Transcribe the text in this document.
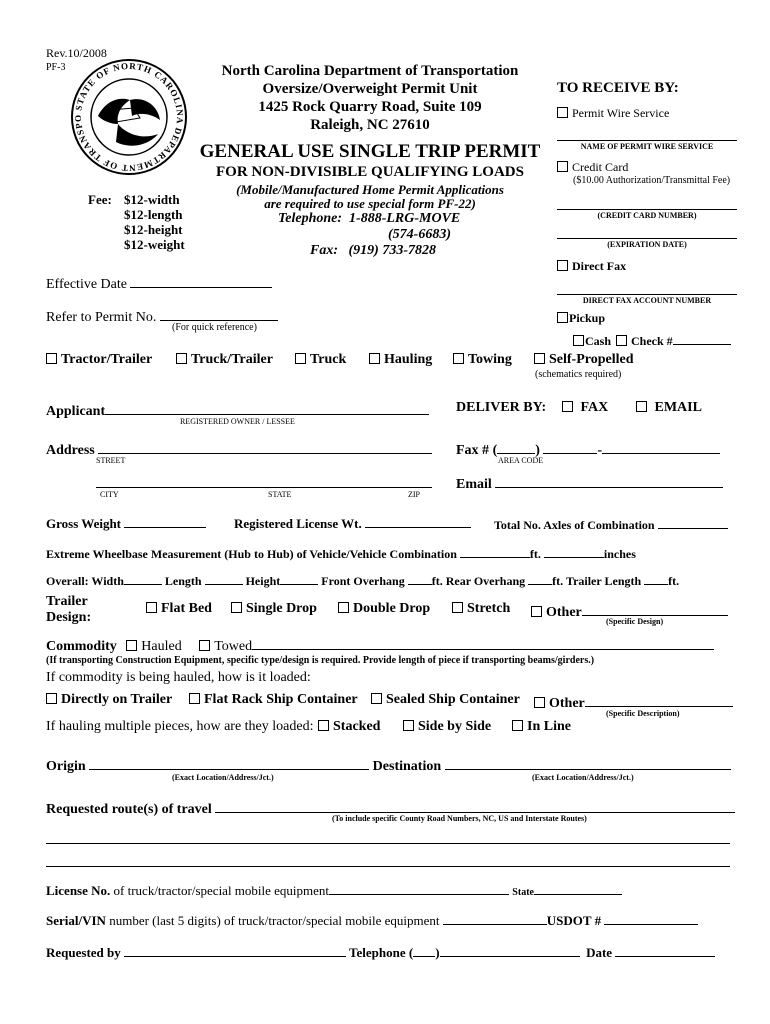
Rev.10/2008
PF-3
STATE OF NORTH CAROLINA DEPARTMENT OF TRANSPO
North Carolina Department of Transportation
Oversize/Overweight Permit Unit
1425 Rock Quarry Road, Suite 109
Raleigh, NC 27610
GENERAL USE SINGLE TRIP PERMIT
FOR NON-DIVISIBLE QUALIFYING LOADS
(Mobile/Manufactured Home Permit Applications
are required to use special form PF-22)
Telephone: 1-888-LRG-MOVE
(574-6683)
Fax: (919) 733-7828
Fee: $12-width
$12-length
$12-height
$12-weight
TO RECEIVE BY:
Permit Wire Service
NAME OF PERMIT WIRE SERVICE
Credit Card
($10.00 Authorization/Transmittal Fee)
(CREDIT CARD NUMBER)
(EXPIRATION DATE)
Direct Fax
DIRECT FAX ACCOUNT NUMBER
Pickup
Cash Check #
Effective Date
Refer to Permit No.
(For quick reference)
Tractor/Trailer	Truck/Trailer	Truck	Hauling	Towing	Self-Propelled
(schematics required)
Applicant
REGISTERED OWNER / LESSEE
DELIVER BY:	FAX	EMAIL
Address
STREET
Fax # (	)	-
AREA CODE
CITY	STATE	ZIP
Email
Gross Weight	Registered License Wt.	Total No. Axles of Combination
Extreme Wheelbase Measurement (Hub to Hub) of Vehicle/Vehicle Combination	ft.	inches
Overall: Width	Length	Height	Front Overhang ft. Rear Overhang ft. Trailer Length ft.
Trailer
Design:
Flat Bed	Single Drop	Double Drop	Stretch	Other
(Specific Design)
Commodity Hauled Towed
(If transporting Construction Equipment, specific type/design is required. Provide length of piece if transporting beams/girders.)
If commodity is being hauled, how is it loaded:
Directly on Trailer	Flat Rack Ship Container	Sealed Ship Container	Other
(Specific Description)
If hauling multiple pieces, how are they loaded:	Stacked	Side by Side	In Line
Origin	Destination
(Exact Location/Address/Jct.)	(Exact Location/Address/Jct.)
Requested route(s) of travel
(To include specific County Road Numbers, NC, US and Interstate Routes)
License No. of truck/tractor/special mobile equipment	State
Serial/VIN number (last 5 digits) of truck/tractor/special mobile equipment	USDOT #
Requested by	Telephone ( )	Date
